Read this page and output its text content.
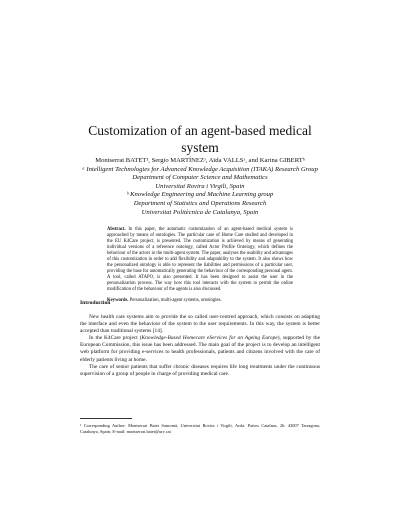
Customization of an agent-based medical system
Montserrat BATET¹, Sergio MARTÍNEZᵃ, Aïda VALLSᵃ, and Karina GIBERTᵇ
ᵃ Intelligent Technologies for Advanced Knowledge Acquisition (ITAKA) Research Group
Department of Computer Science and Mathematics
Universitat Rovira i Virgili, Spain
ᵇ Knowledge Engineering and Machine Learning group
Department of Statistics and Operations Research
Universitat Politècnica de Catalunya, Spain
Abstract. In this paper, the automatic customization of an agent-based medical system is approached by means of ontologies. The particular case of Home Care studied and developed in the EU K4Care project, is presented. The customization is achieved by means of generating individual versions of a reference ontology, called Actor Profile Ontology, which defines the behaviour of the actors in the multi-agent system. The paper, analyses the usability and advantages of this customization in order to add flexibility and adaptability to the system. It also shows how the personalized ontology is able to represent the liabilities and permissions of a particular user, providing the base for automatically generating the behaviour of the corresponding personal agent. A tool, called ATAPO, is also presented. It has been designed to assist the user in the personalization process. The way how this tool interacts with the system to permit the online modification of the behaviour of the agents is also discussed.
Keywords. Personalization, multi-agent systems, ontologies.
Introduction

New health care systems aim to provide the so called user-centred approach, which consists on adapting the interface and even the behaviour of the system to the user requirements. In this way, the system is better accepted than traditional systems [14].

In the K4Care project (Knowledge-Based Homecare eServices for an Ageing Europe), supported by the European Commission, this issue has been addressed. The main goal of the project is to develop an intelligent web platform for providing e-services to health professionals, patients and citizens involved with the care of elderly patients living at home.

The care of senior patients that suffer chronic diseases requires life long treatments under the continuous supervision of a group of people in charge of providing medical care.

¹ Corresponding Author: Montserrat Batet Sanromà, Universitat Rovira i Virgili, Avda. Països Catalans, 26. 43007 Tarragona, Catalunya, Spain; E-mail: montserrat.batet@urv.cat
